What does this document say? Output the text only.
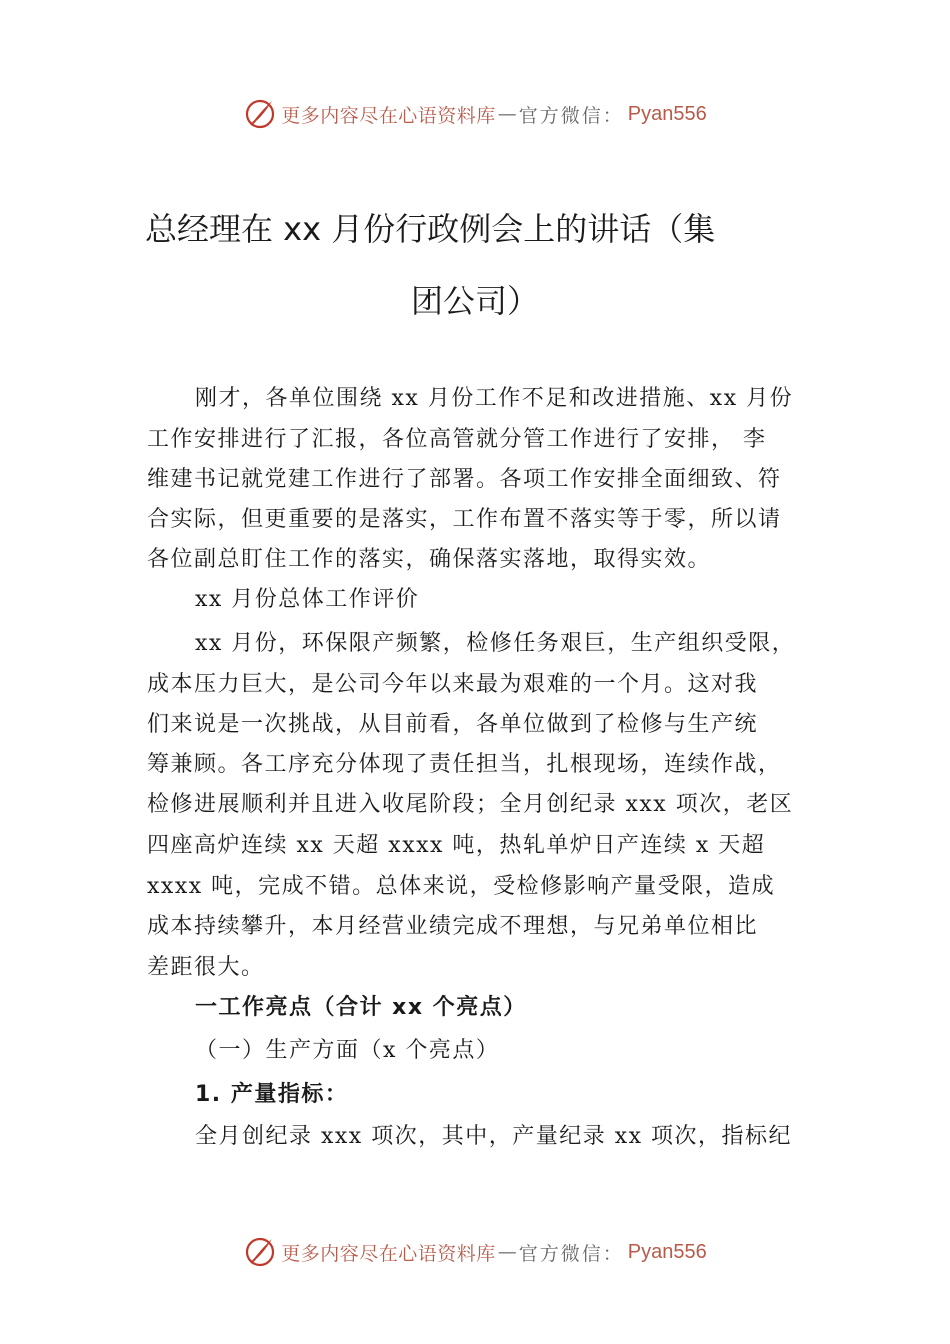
更多内容尽在心语资料库 — 官方微信： Pyan556
总经理在 xx 月份行政例会上的讲话（集
团公司）
刚才，各单位围绕 xx 月份工作不足和改进措施、xx 月份
工作安排进行了汇报，各位高管就分管工作进行了安排， 李
维建书记就党建工作进行了部署。各项工作安排全面细致、符
合实际，但更重要的是落实，工作布置不落实等于零，所以请
各位副总盯住工作的落实，确保落实落地，取得实效。
xx 月份总体工作评价
xx 月份，环保限产频繁，检修任务艰巨，生产组织受限，
成本压力巨大，是公司今年以来最为艰难的一个月。这对我
们来说是一次挑战，从目前看，各单位做到了检修与生产统
筹兼顾。各工序充分体现了责任担当，扎根现场，连续作战，
检修进展顺利并且进入收尾阶段；全月创纪录 xxx 项次，老区
四座高炉连续 xx 天超 xxxx 吨，热轧单炉日产连续 x 天超
xxxx 吨，完成不错。总体来说，受检修影响产量受限，造成
成本持续攀升，本月经营业绩完成不理想，与兄弟单位相比
差距很大。
一工作亮点（合计 xx 个亮点）
（一）生产方面（x 个亮点）
1. 产量指标：
全月创纪录 xxx 项次，其中，产量纪录 xx 项次，指标纪
更多内容尽在心语资料库 — 官方微信： Pyan556
